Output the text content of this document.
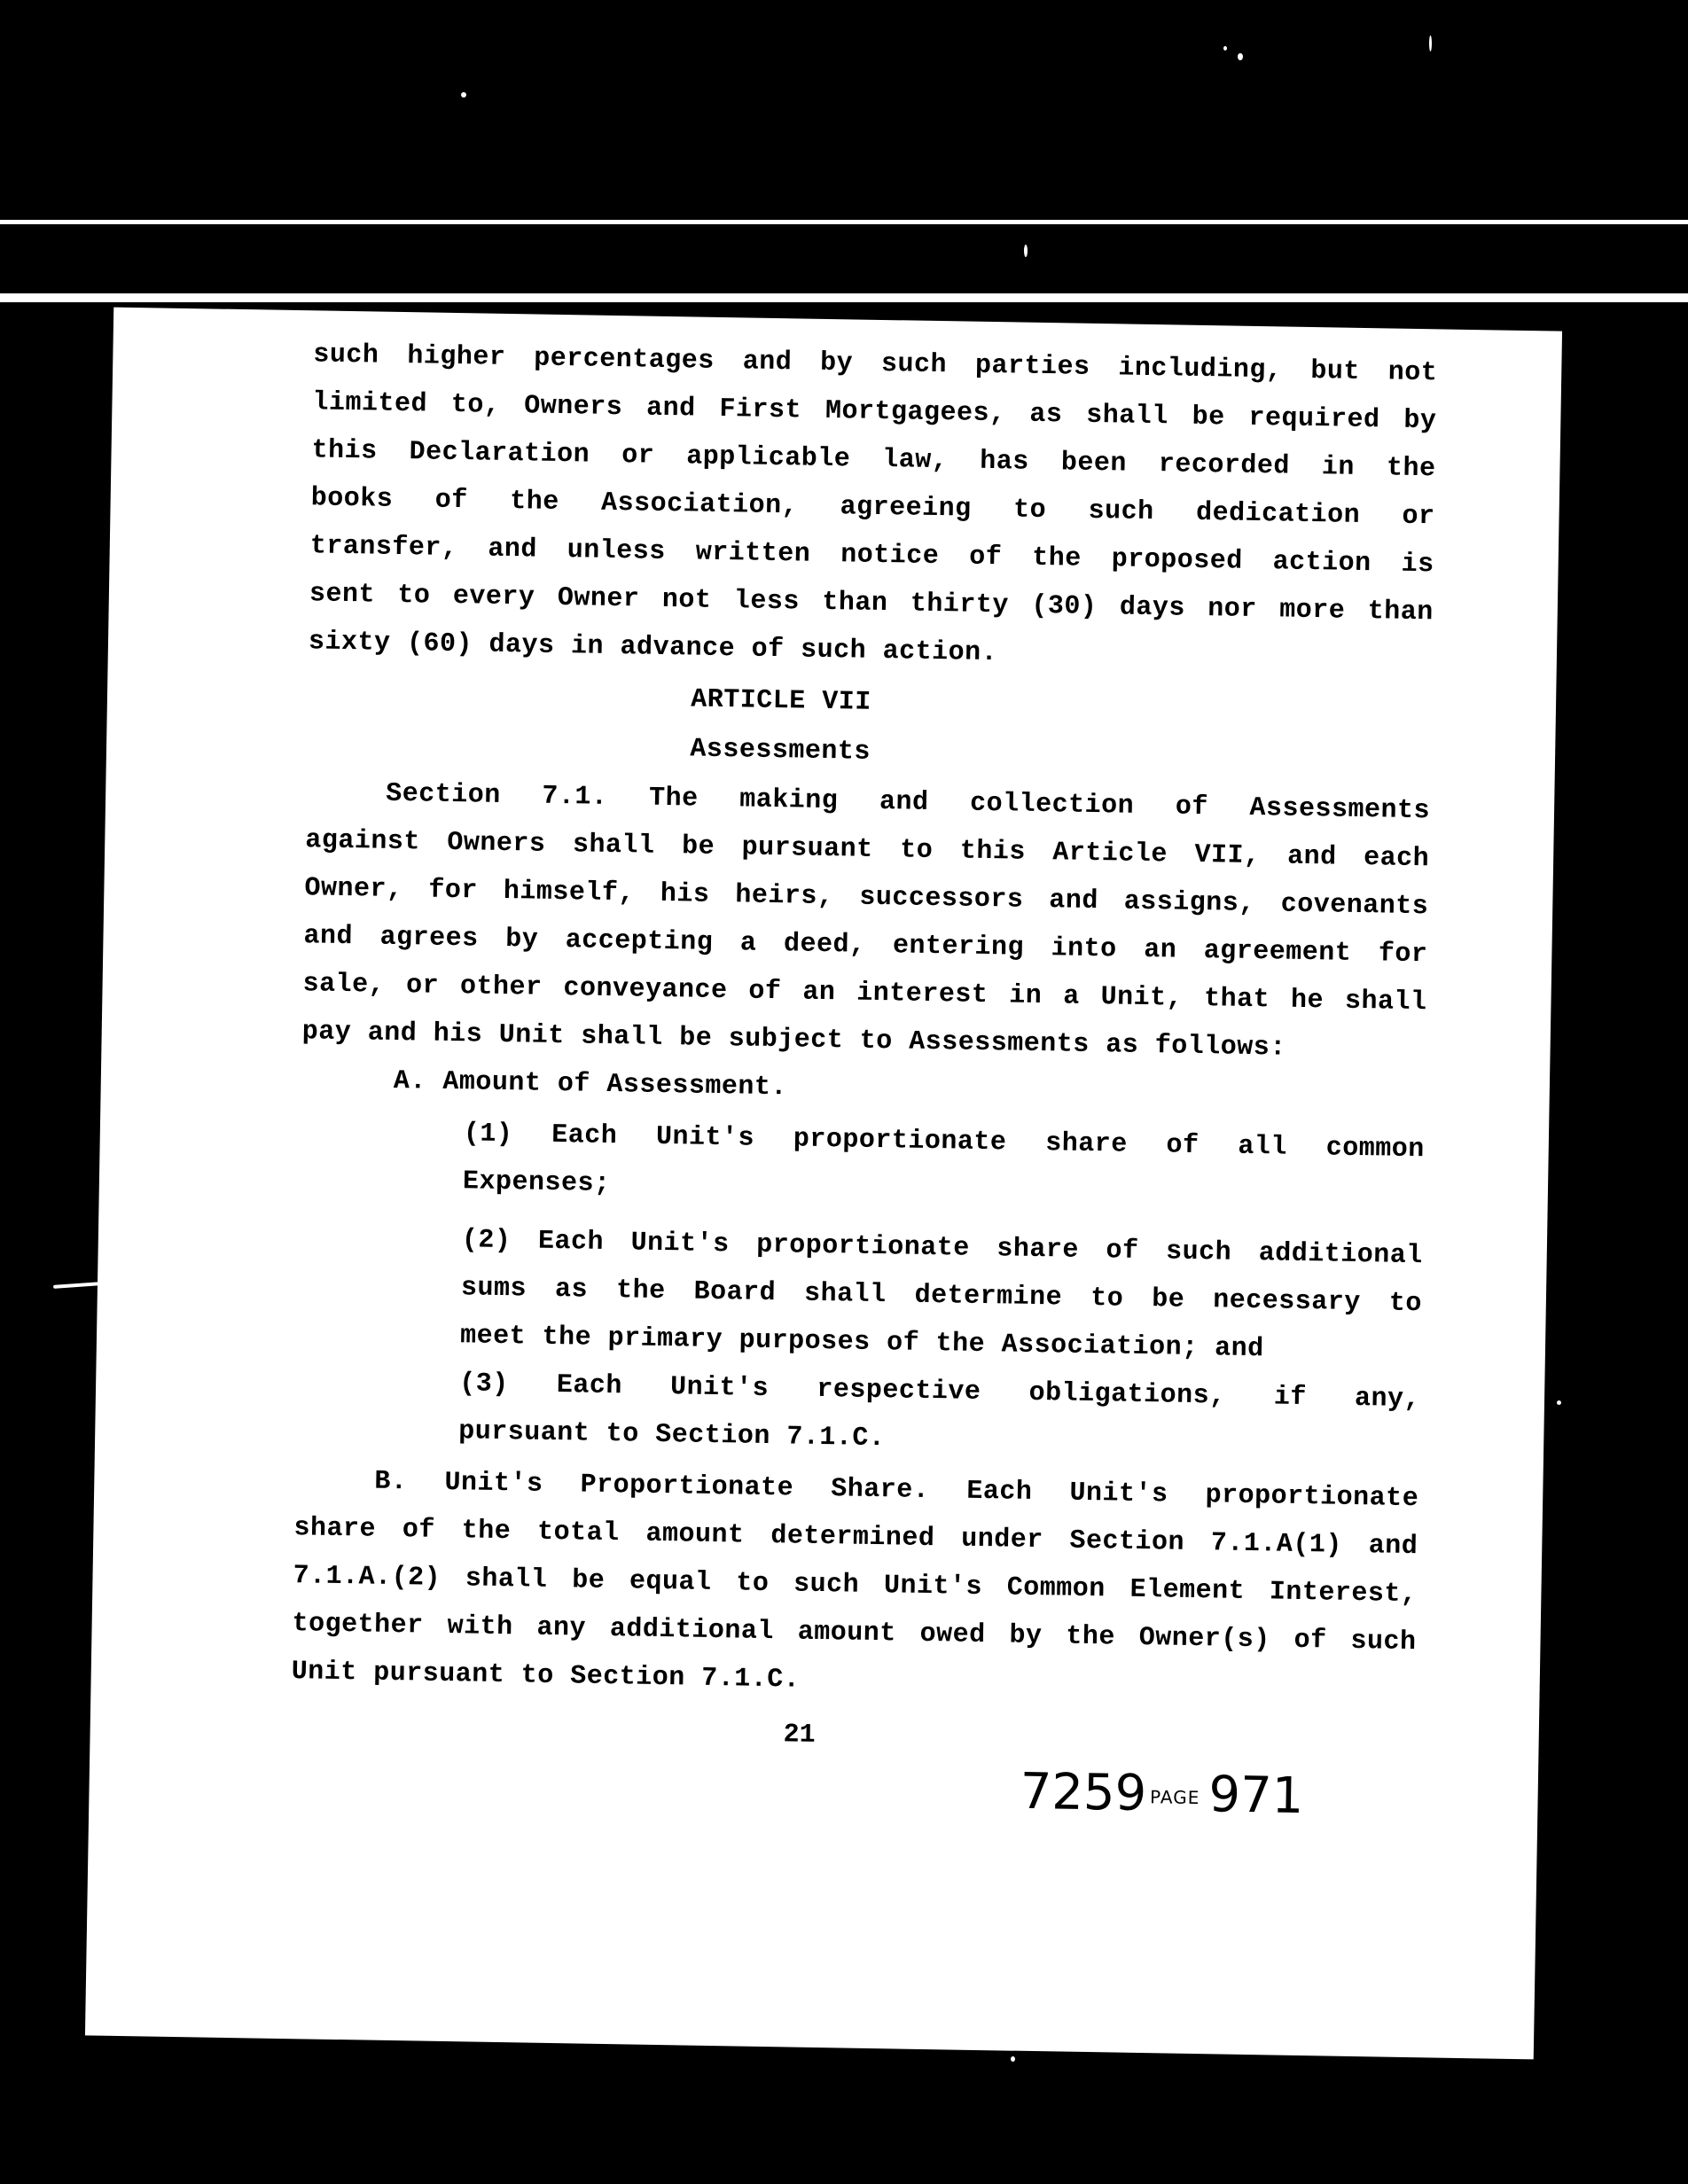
such higher percentages and by such parties including, but not
limited to, Owners and First Mortgagees, as shall be required by
this Declaration or applicable law, has been recorded in the
books of the Association, agreeing to such dedication or
transfer, and unless written notice of the proposed action is
sent to every Owner not less than thirty (30) days nor more than
sixty (60) days in advance of such action.
ARTICLE VII
Assessments
Section 7.1. The making and collection of Assessments
against Owners shall be pursuant to this Article VII, and each
Owner, for himself, his heirs, successors and assigns, covenants
and agrees by accepting a deed, entering into an agreement for
sale, or other conveyance of an interest in a Unit, that he shall
pay and his Unit shall be subject to Assessments as follows:
A. Amount of Assessment.
(1) Each Unit's proportionate share of all common
Expenses;
(2) Each Unit's proportionate share of such additional
sums as the Board shall determine to be necessary to
meet the primary purposes of the Association; and
(3) Each Unit's respective obligations, if any,
pursuant to Section 7.1.C.
B. Unit's Proportionate Share. Each Unit's proportionate
share of the total amount determined under Section 7.1.A(1) and
7.1.A.(2) shall be equal to such Unit's Common Element Interest,
together with any additional amount owed by the Owner(s) of such
Unit pursuant to Section 7.1.C.
21
7259 PAGE 971
